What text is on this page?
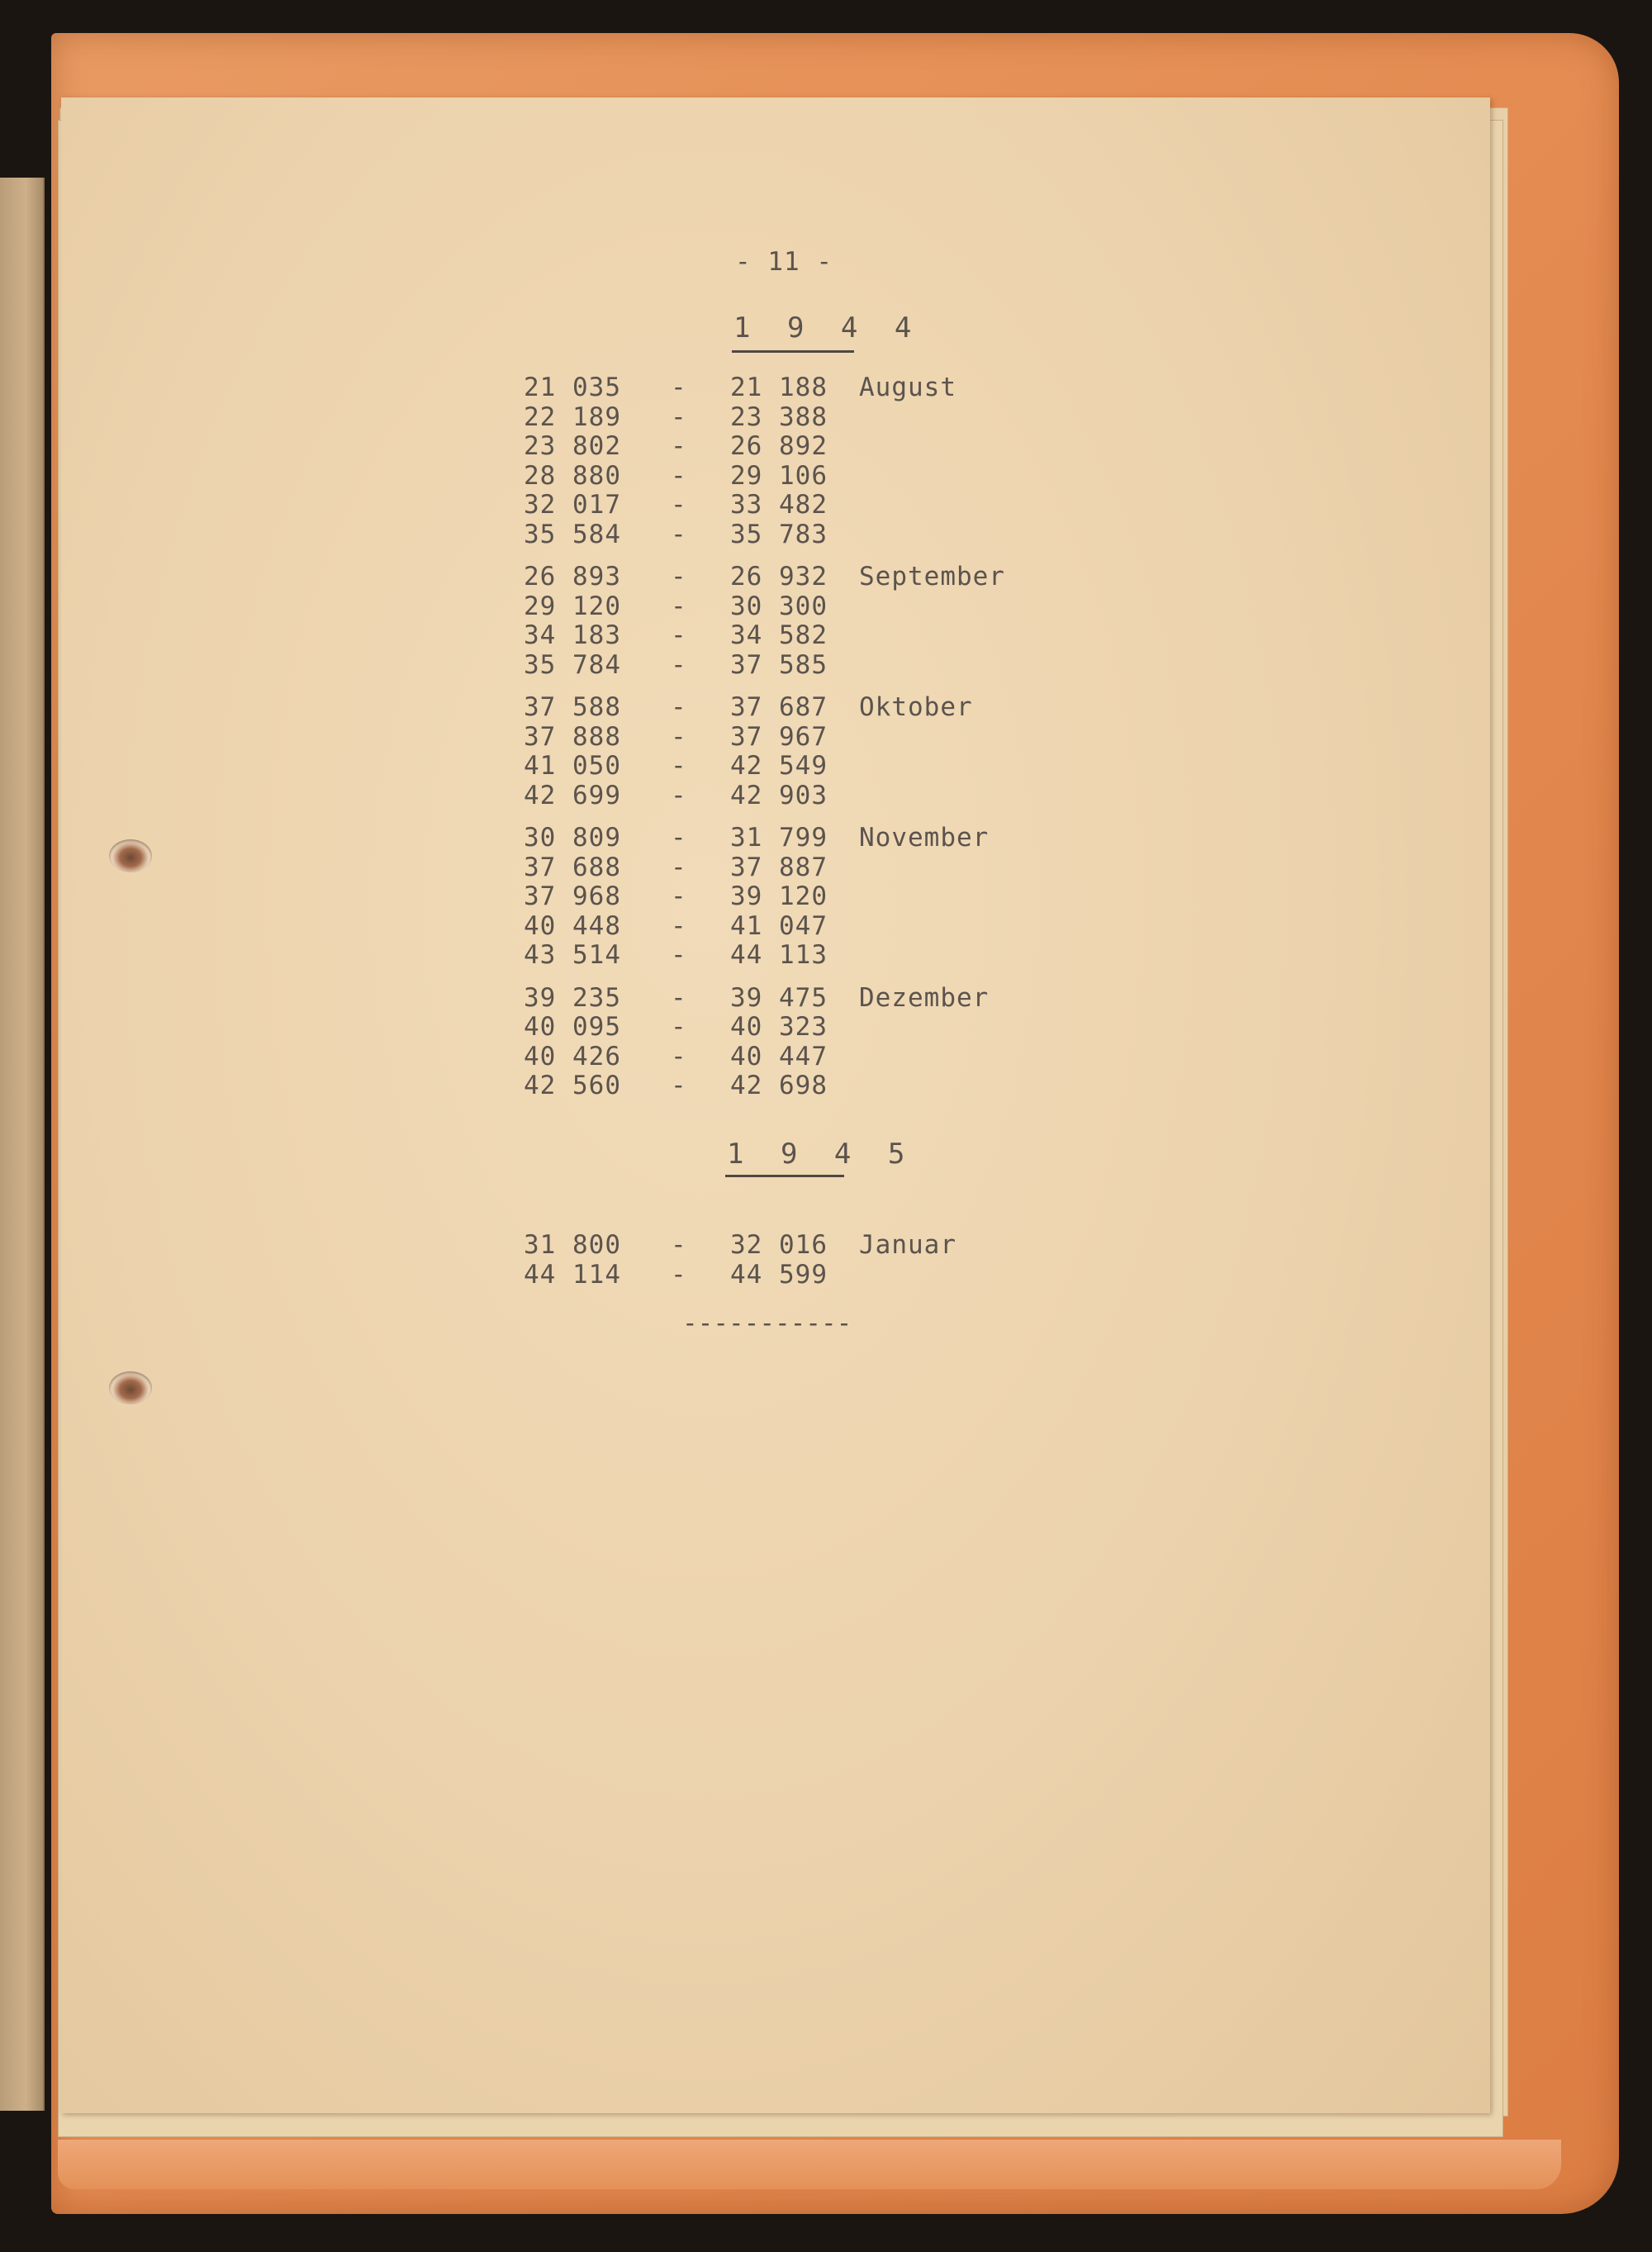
- 11 -
1 9 4 4
21 035 - 21 188 August
22 189 - 23 388
23 802 - 26 892
28 880 - 29 106
32 017 - 33 482
35 584 - 35 783
26 893 - 26 932 September
29 120 - 30 300
34 183 - 34 582
35 784 - 37 585
37 588 - 37 687 Oktober
37 888 - 37 967
41 050 - 42 549
42 699 - 42 903
30 809 - 31 799 November
37 688 - 37 887
37 968 - 39 120
40 448 - 41 047
43 514 - 44 113
39 235 - 39 475 Dezember
40 095 - 40 323
40 426 - 40 447
42 560 - 42 698
1 9 4 5
31 800 - 32 016 Januar
44 114 - 44 599
-----------
